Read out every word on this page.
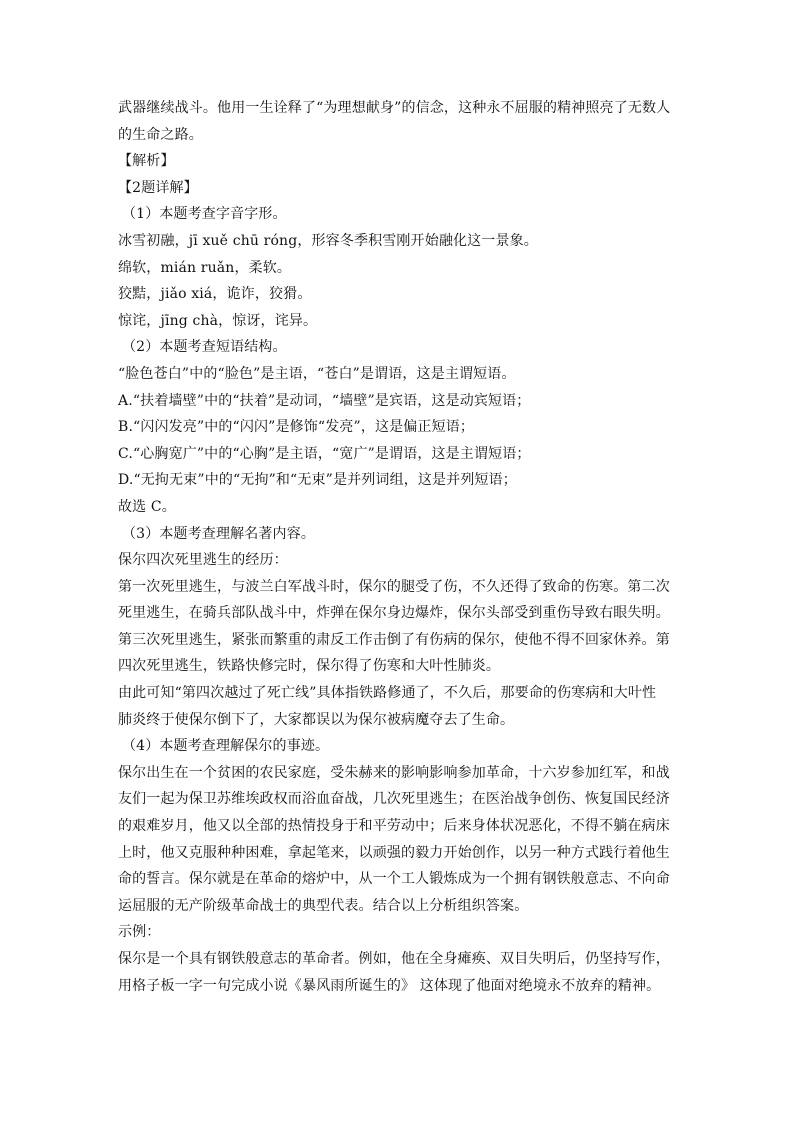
武器继续战斗。他用一生诠释了“为理想献身”的信念，这种永不屈服的精神照亮了无数人
的生命之路。
【解析】
【2题详解】
（1）本题考查字音字形。
冰雪初融，jī xuě chū róng，形容冬季积雪刚开始融化这一景象。
绵软，mián ruǎn，柔软。
狡黠，jiǎo xiá，诡诈，狡猾。
惊诧，jīng chà，惊讶，诧异。
（2）本题考查短语结构。
“脸色苍白”中的“脸色”是主语，“苍白”是谓语，这是主谓短语。
A.“扶着墙壁”中的“扶着”是动词，“墙壁”是宾语，这是动宾短语；
B.“闪闪发亮”中的“闪闪”是修饰“发亮”，这是偏正短语；
C.“心胸宽广”中的“心胸”是主语，“宽广”是谓语，这是主谓短语；
D.“无拘无束”中的“无拘”和“无束”是并列词组，这是并列短语；
故选 C。
（3）本题考查理解名著内容。
保尔四次死里逃生的经历：
第一次死里逃生，与波兰白军战斗时，保尔的腿受了伤，不久还得了致命的伤寒。第二次
死里逃生，在骑兵部队战斗中，炸弹在保尔身边爆炸，保尔头部受到重伤导致右眼失明。
第三次死里逃生，紧张而繁重的肃反工作击倒了有伤病的保尔，使他不得不回家休养。第
四次死里逃生，铁路快修完时，保尔得了伤寒和大叶性肺炎。
由此可知“第四次越过了死亡线”具体指铁路修通了，不久后，那要命的伤寒病和大叶性
肺炎终于使保尔倒下了，大家都误以为保尔被病魔夺去了生命。
（4）本题考查理解保尔的事迹。
保尔出生在一个贫困的农民家庭，受朱赫来的影响影响参加革命，十六岁参加红军，和战
友们一起为保卫苏维埃政权而浴血奋战，几次死里逃生；在医治战争创伤、恢复国民经济
的艰难岁月，他又以全部的热情投身于和平劳动中；后来身体状况恶化，不得不躺在病床
上时，他又克服种种困难，拿起笔来，以顽强的毅力开始创作，以另一种方式践行着他生
命的誓言。保尔就是在革命的熔炉中，从一个工人锻炼成为一个拥有钢铁般意志、不向命
运屈服的无产阶级革命战士的典型代表。结合以上分析组织答案。
示例：
保尔是一个具有钢铁般意志的革命者。例如，他在全身瘫痪、双目失明后，仍坚持写作，
用格子板一字一句完成小说《暴风雨所诞生的》 这体现了他面对绝境永不放弃的精神。
